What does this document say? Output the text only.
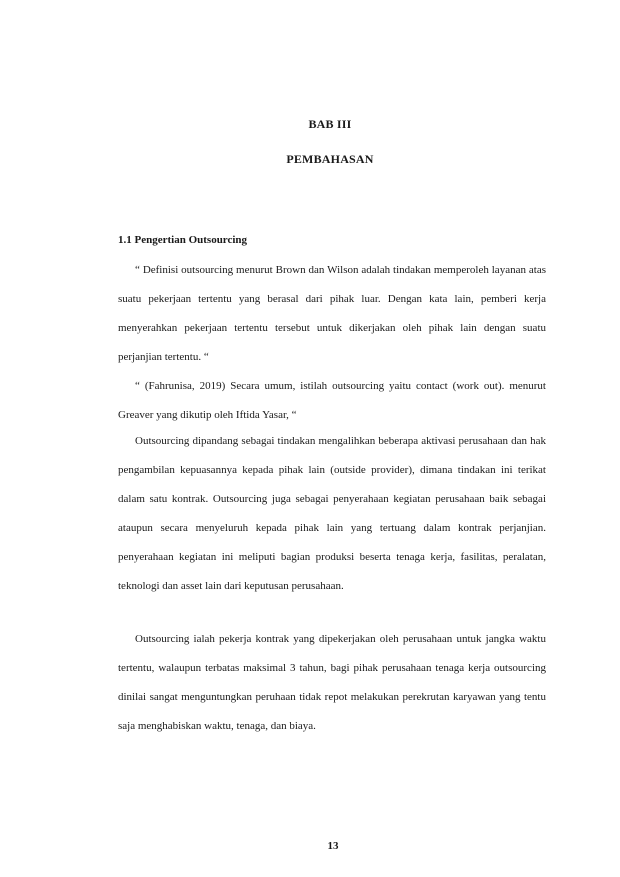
BAB III
PEMBAHASAN
1.1 Pengertian Outsourcing

“ Definisi outsourcing menurut Brown dan Wilson adalah tindakan memperoleh layanan atas suatu pekerjaan tertentu yang berasal dari pihak luar. Dengan kata lain, pemberi kerja menyerahkan pekerjaan tertentu tersebut untuk dikerjakan oleh pihak lain dengan suatu perjanjian tertentu. “

“ (Fahrunisa, 2019) Secara umum, istilah outsourcing yaitu contact (work out). menurut Greaver yang dikutip oleh Iftida Yasar, “

Outsourcing dipandang sebagai tindakan mengalihkan beberapa aktivasi perusahaan dan hak pengambilan kepuasannya kepada pihak lain (outside provider), dimana tindakan ini terikat dalam satu kontrak. Outsourcing juga sebagai penyerahaan kegiatan perusahaan baik sebagai ataupun secara menyeluruh kepada pihak lain yang tertuang dalam kontrak perjanjian. penyerahaan kegiatan ini meliputi bagian produksi beserta tenaga kerja, fasilitas, peralatan, teknologi dan asset lain dari keputusan perusahaan.

Outsourcing ialah pekerja kontrak yang dipekerjakan oleh perusahaan untuk jangka waktu tertentu, walaupun terbatas maksimal 3 tahun, bagi pihak perusahaan tenaga kerja outsourcing dinilai sangat menguntungkan peruhaan tidak repot melakukan perekrutan karyawan yang tentu saja menghabiskan waktu, tenaga, dan biaya.

13
